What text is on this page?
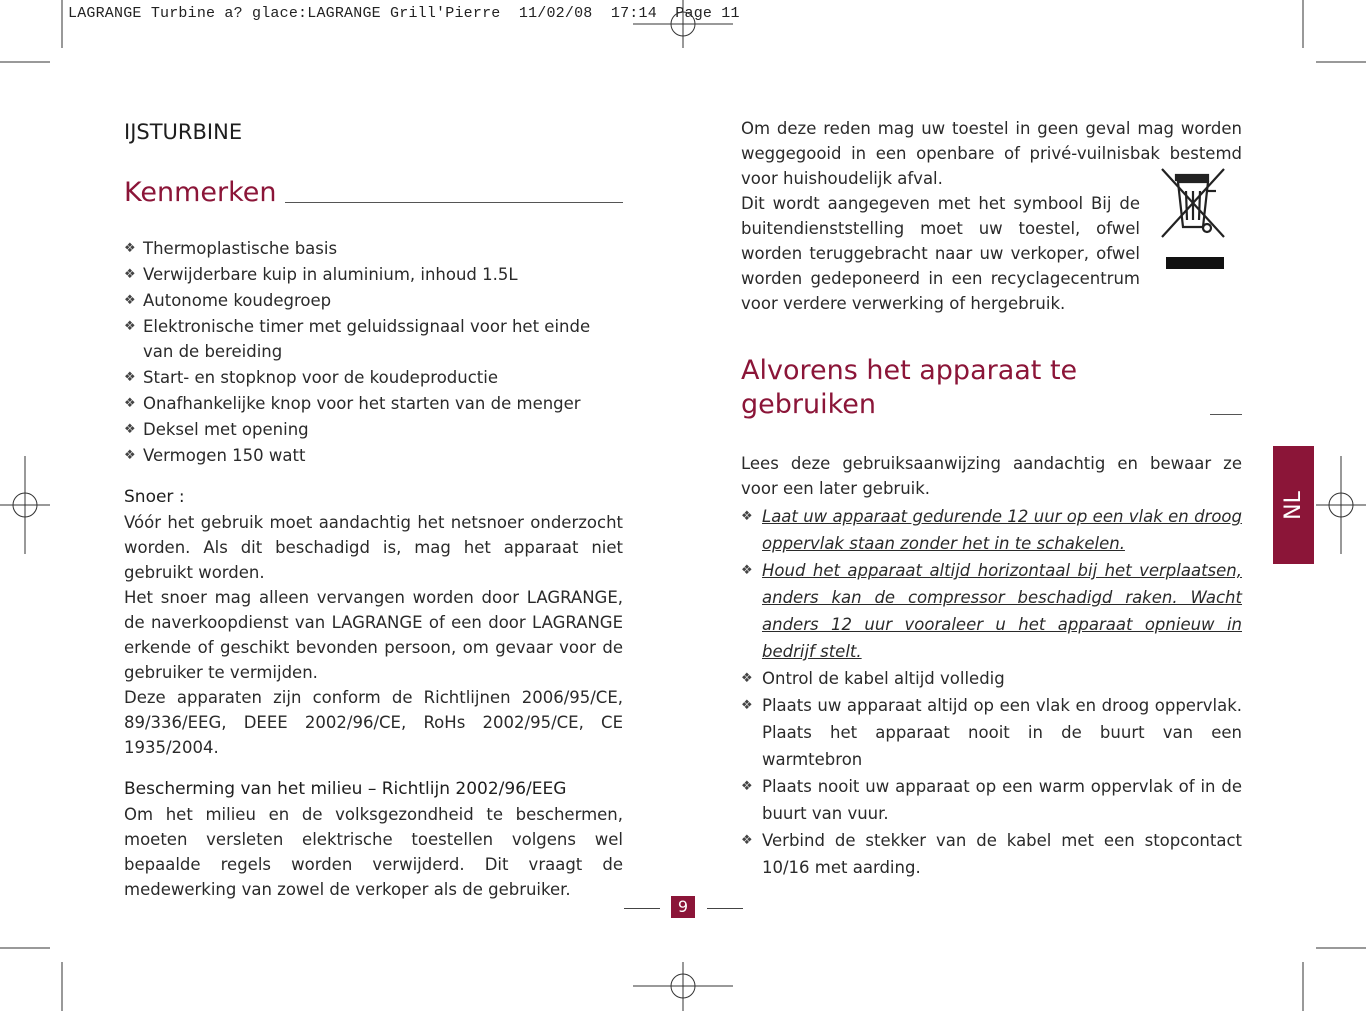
LAGRANGE Turbine a? glace:LAGRANGE Grill'Pierre  11/02/08  17:14  Page 11
IJSTURBINE
Kenmerken
❖ Thermoplastische basis
❖ Verwijderbare kuip in aluminium, inhoud 1.5L
❖ Autonome koudegroep
❖ Elektronische timer met geluidssignaal voor het einde van de bereiding
❖ Start- en stopknop voor de koudeproductie
❖ Onafhankelijke knop voor het starten van de menger
❖ Deksel met opening
❖ Vermogen 150 watt
Snoer :

Vóór het gebruik moet aandachtig het netsnoer onderzocht worden. Als dit beschadigd is, mag het apparaat niet gebruikt worden.

Het snoer mag alleen vervangen worden door LAGRANGE, de naverkoopdienst van LAGRANGE of een door LAGRANGE erkende of geschikt bevonden persoon, om gevaar voor de gebruiker te vermijden.

Deze apparaten zijn conform de Richtlijnen 2006/95/CE, 89/336/EEG, DEEE 2002/96/CE, RoHs 2002/95/CE, CE 1935/2004.

Bescherming van het milieu – Richtlijn 2002/96/EEG

Om het milieu en de volksgezondheid te beschermen, moeten versleten elektrische toestellen volgens wel bepaalde regels worden verwijderd. Dit vraagt de medewerking van zowel de verkoper als de gebruiker.

Om deze reden mag uw toestel in geen geval mag worden weggegooid in een openbare of privé-vuilnisbak bestemd voor huishoudelijk afval.

Dit wordt aangegeven met het symbool Bij de buitendienststelling moet uw toestel, ofwel worden teruggebracht naar uw verkoper, ofwel worden gedeponeerd in een recyclagecentrum voor verdere verwerking of hergebruik.

Alvorens het apparaat te gebruiken

Lees deze gebruiksaanwijzing aandachtig en bewaar ze voor een later gebruik.

❖ Laat uw apparaat gedurende 12 uur op een vlak en droog oppervlak staan zonder het in te schakelen.
❖ Houd het apparaat altijd horizontaal bij het verplaatsen, anders kan de compressor beschadigd raken. Wacht anders 12 uur vooraleer u het apparaat opnieuw in bedrijf stelt.
❖ Ontrol de kabel altijd volledig
❖ Plaats uw apparaat altijd op een vlak en droog oppervlak. Plaats het apparaat nooit in de buurt van een warmtebron
❖ Plaats nooit uw apparaat op een warm oppervlak of in de buurt van vuur.
❖ Verbind de stekker van de kabel met een stopcontact 10/16 met aarding.
NL
9
